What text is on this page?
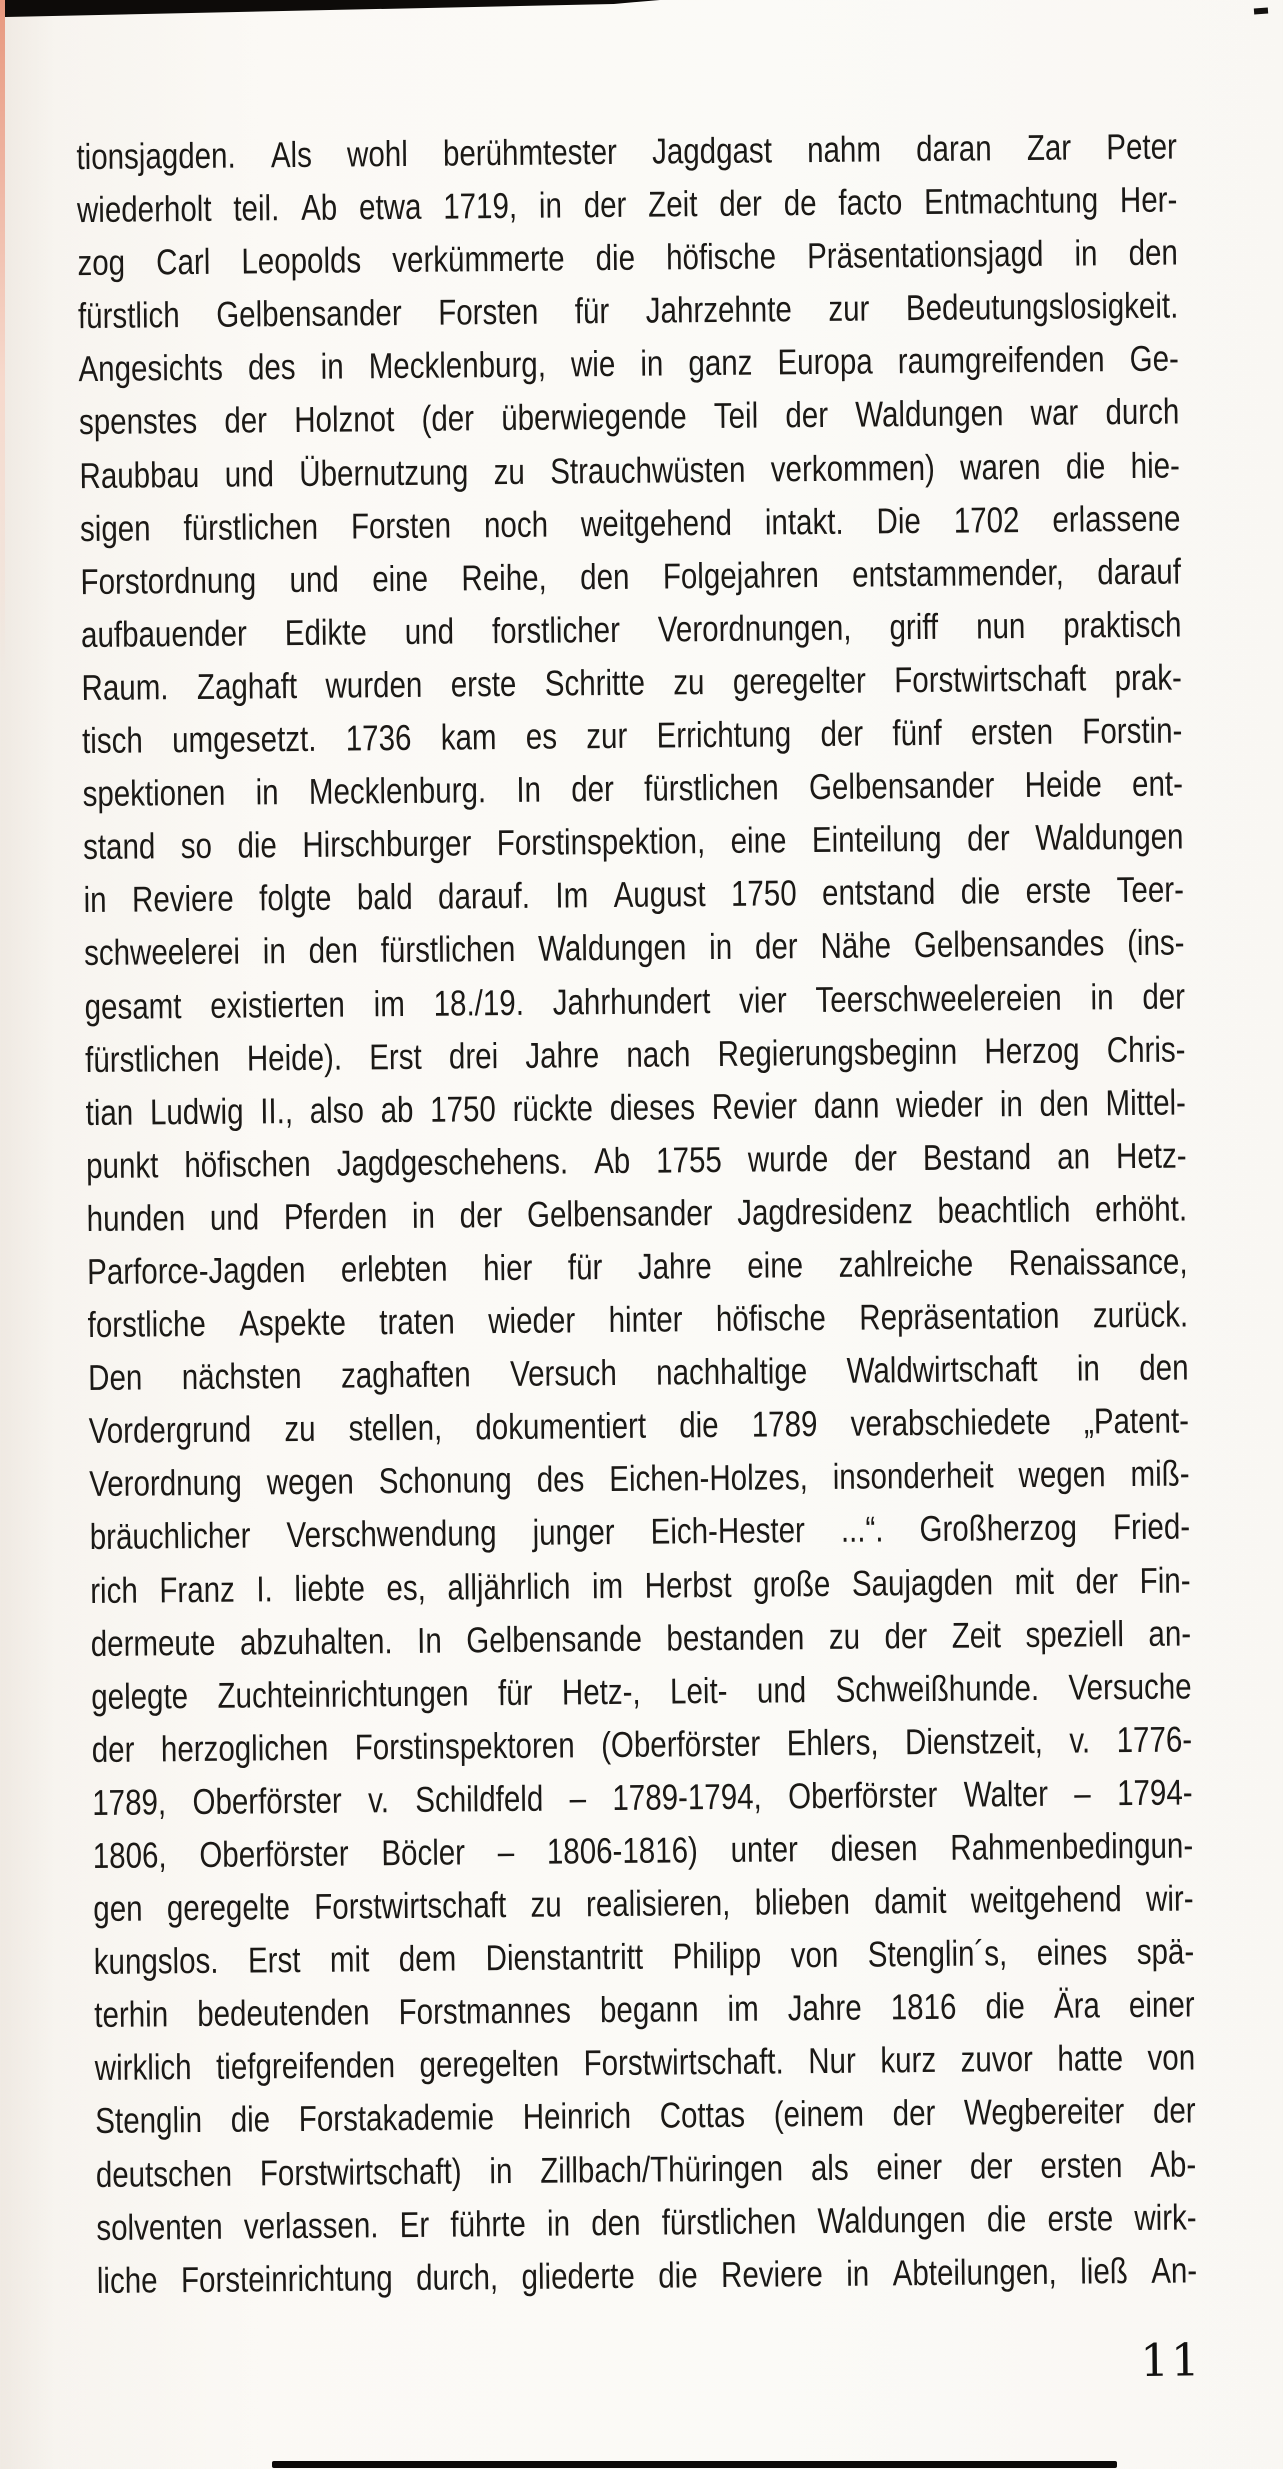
tionsjagden. Als wohl berühmtester Jagdgast nahm daran Zar Peter
wiederholt teil. Ab etwa 1719, in der Zeit der de facto Entmachtung Her-
zog Carl Leopolds verkümmerte die höfische Präsentationsjagd in den
fürstlich Gelbensander Forsten für Jahrzehnte zur Bedeutungslosigkeit.
Angesichts des in Mecklenburg, wie in ganz Europa raumgreifenden Ge-
spenstes der Holznot (der überwiegende Teil der Waldungen war durch
Raubbau und Übernutzung zu Strauchwüsten verkommen) waren die hie-
sigen fürstlichen Forsten noch weitgehend intakt. Die 1702 erlassene
Forstordnung und eine Reihe, den Folgejahren entstammender, darauf
aufbauender Edikte und forstlicher Verordnungen, griff nun praktisch
Raum. Zaghaft wurden erste Schritte zu geregelter Forstwirtschaft prak-
tisch umgesetzt. 1736 kam es zur Errichtung der fünf ersten Forstin-
spektionen in Mecklenburg. In der fürstlichen Gelbensander Heide ent-
stand so die Hirschburger Forstinspektion, eine Einteilung der Waldungen
in Reviere folgte bald darauf. Im August 1750 entstand die erste Teer-
schweelerei in den fürstlichen Waldungen in der Nähe Gelbensandes (ins-
gesamt existierten im 18./19. Jahrhundert vier Teerschweelereien in der
fürstlichen Heide). Erst drei Jahre nach Regierungsbeginn Herzog Chris-
tian Ludwig II., also ab 1750 rückte dieses Revier dann wieder in den Mittel-
punkt höfischen Jagdgeschehens. Ab 1755 wurde der Bestand an Hetz-
hunden und Pferden in der Gelbensander Jagdresidenz beachtlich erhöht.
Parforce-Jagden erlebten hier für Jahre eine zahlreiche Renaissance,
forstliche Aspekte traten wieder hinter höfische Repräsentation zurück.
Den nächsten zaghaften Versuch nachhaltige Waldwirtschaft in den
Vordergrund zu stellen, dokumentiert die 1789 verabschiedete „Patent-
Verordnung wegen Schonung des Eichen-Holzes, insonderheit wegen miß-
bräuchlicher Verschwendung junger Eich-Hester ...“. Großherzog Fried-
rich Franz I. liebte es, alljährlich im Herbst große Saujagden mit der Fin-
dermeute abzuhalten. In Gelbensande bestanden zu der Zeit speziell an-
gelegte Zuchteinrichtungen für Hetz-, Leit- und Schweißhunde. Versuche
der herzoglichen Forstinspektoren (Oberförster Ehlers, Dienstzeit, v. 1776-
1789, Oberförster v. Schildfeld – 1789-1794, Oberförster Walter – 1794-
1806, Oberförster Böcler – 1806-1816) unter diesen Rahmenbedingun-
gen geregelte Forstwirtschaft zu realisieren, blieben damit weitgehend wir-
kungslos. Erst mit dem Dienstantritt Philipp von Stenglin´s, eines spä-
terhin bedeutenden Forstmannes begann im Jahre 1816 die Ära einer
wirklich tiefgreifenden geregelten Forstwirtschaft. Nur kurz zuvor hatte von
Stenglin die Forstakademie Heinrich Cottas (einem der Wegbereiter der
deutschen Forstwirtschaft) in Zillbach/Thüringen als einer der ersten Ab-
solventen verlassen. Er führte in den fürstlichen Waldungen die erste wirk-
liche Forsteinrichtung durch, gliederte die Reviere in Abteilungen, ließ An-
11
